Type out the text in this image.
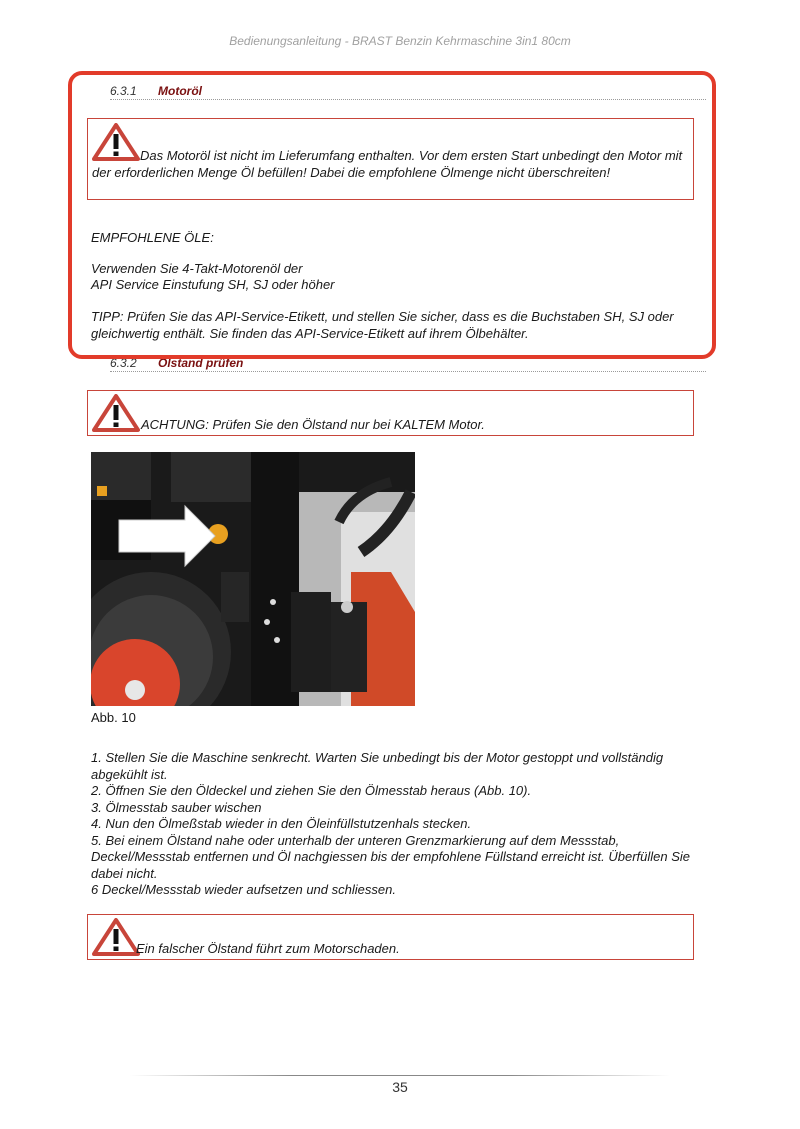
Bedienungsanleitung - BRAST Benzin Kehrmaschine 3in1 80cm
6.3.1 Motoröl
Das Motoröl ist nicht im Lieferumfang enthalten. Vor dem ersten Start unbedingt den Motor mit der erforderlichen Menge Öl befüllen! Dabei die empfohlene Ölmenge nicht überschreiten!
EMPFOHLENE ÖLE:
Verwenden Sie 4-Takt-Motorenöl der
API Service Einstufung SH, SJ oder höher
TIPP: Prüfen Sie das API-Service-Etikett, und stellen Sie sicher, dass es die Buchstaben SH, SJ oder gleichwertig enthält. Sie finden das API-Service-Etikett auf ihrem Ölbehälter.
6.3.2 Ölstand prüfen
ACHTUNG: Prüfen Sie den Ölstand nur bei KALTEM Motor.
Abb. 10
1. Stellen Sie die Maschine senkrecht. Warten Sie unbedingt bis der Motor gestoppt und vollständig abgekühlt ist.
2. Öffnen Sie den Öldeckel und ziehen Sie den Ölmesstab heraus (Abb. 10).
3. Ölmesstab sauber wischen
4. Nun den Ölmeßstab wieder in den Öleinfüllstutzenhals stecken.
5. Bei einem Ölstand nahe oder unterhalb der unteren Grenzmarkierung auf dem Messstab, Deckel/Messstab entfernen und Öl nachgiessen bis der empfohlene Füllstand erreicht ist. Überfüllen Sie dabei nicht.
6 Deckel/Messstab wieder aufsetzen und schliessen.
Ein falscher Ölstand führt zum Motorschaden.
35
